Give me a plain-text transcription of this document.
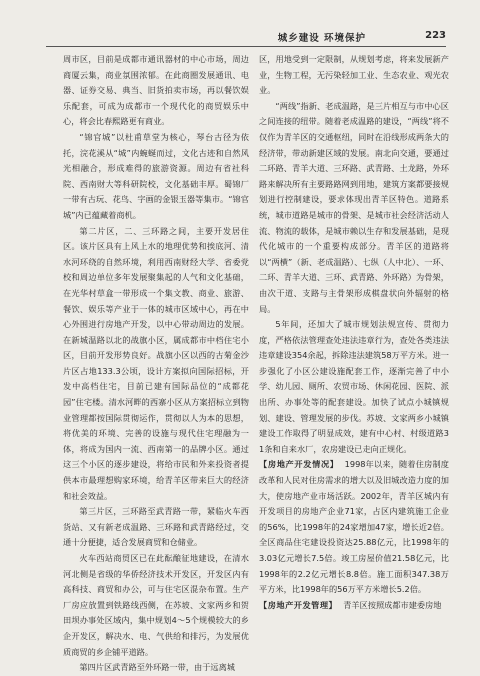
城乡建设 环境保护	223

周市区，目前是成都市通讯器材的中心市场，周边商厦云集，商业氛围浓郁。在此商圈发展通讯、电器、证券交易、典当、旧货拍卖市场，再以餐饮娱乐配套，可成为成都市一个现代化的商贸娱乐中心，将会比春熙路更有商业。

“锦官城”以杜甫草堂为核心，琴台古径为依托，浣花溪从“城”内蜿蜒而过，文化古迹和自然风光相融合，形成难得的旅游资源。周边有省社科院、西南财大等科研院校，文化基础丰厚。蜀锦厂一带有古玩、花鸟、字画的金银玉器等集市。“锦官城”内已蕴藏着商机。

第二片区，二、三环路之间，主要开发居住区。该片区具有上风上水的地理优势和挨底河、清水河环绕的自然环境，利用西南财经大学、省委党校和周边单位多年发展聚集起的人气和文化基础，在光华村草盒一带形成一个集文教、商业、旅游、餐饮、娱乐等产业于一体的城市区域中心，再在中心外围进行房地产开发，以中心带动周边的发展。在新城温路以北的战旗小区，属成都市中档住宅小区，目前开发形势良好。战旗小区以西的古菊金沙片区占地133.3公顷，设计方案拟向国际招标，开发中高档住宅，目前已建有国际品位的“成都花园”住宅楼。清水河畔的西寨小区从方案招标立到物业管理都按国际贯彻运作，贯彻以人为本的思想，将优美的环境、完善的设施与现代住宅理融为一体，将成为国内一流、西南第一的品牌小区。通过这三个小区的逐步建设，将给市民和外来投资者提供本市最理想购家环境，给青羊区带来巨大的经济和社会效益。

第三片区，三环路至武青路一带，紧临火车西货站、又有新老成温路、三环路和武青路经过，交通十分便捷，适合发展商贸和仓储业。

火车西站商贸区已在此酝酿征地建设，在清水河北侧是省级的华侨经济技术开发区，开发区内有高科技、商贸和办公，可与住宅区混杂布置。生产厂房应放置到铁路线西侧，在苏坡、文家两乡和贺田坝办事处区域内，集中规划4～5个规模较大的乡企开发区，解决水、电、气供给和排污，为发展优质商贸的乡企铺平道路。

第四片区武青路至外环路一带，由于远离城

区，用地受到一定限制，从规划考虑，将来发展新产业，生物工程，无污染轻加工业、生态农业、观光农业。

“两线”指新、老成温路，是三片相互与市中心区之间连接的纽带。随着老成温路的建设，“两线”将不仅作为青羊区的交通枢纽，同时在沿线形成两条大的经济带，带动新建区域的发展。南北向交通，要通过二环路、青羊大道、三环路、武青路、土龙路，外环路来解决所有主要路路网到用地，建筑方案都要接规划进行控制建设，要求体现出青羊区特色。道路系统，城市道路是城市的骨架、是城市社会经济活动人流、物流的载体，是城市赖以生存和发展基础，是现代化城市的一个重要构成部分。青羊区的道路将以“两横”（新、老成温路）、七纵（人中北）、一环、二环、青羊大道、三环、武青路、外环路）为骨架，由次干道、支路与主骨架形成棋盘状向外辐射的格局。

5年间，还加大了城市规划法规宣传、贯彻力度，严格依法管理查处违法违章行为，查处各类违法违章建设354余起，拆除违法建筑58万平方米。进一步强化了小区公建设施配套工作，逐渐完善了中小学、幼儿园、厕所、农贸市场、休闲花园、医院、派出所、办事处等的配套建设。加快了试点小城镇规划、建设、管理发展的步伐。苏坡、文家两乡小城镇建设工作取得了明显成效，建有中心村、村级道路31条和自来水厂，农房建设已走向正规化。

【房地产开发情况】 1998年以来，随着住房制度改革和人民对住房需求的增大以及旧城改造力度的加大，使房地产业市场活跃。2002年，青羊区城内有开发项目的房地产企业71家，占区内建筑施工企业的56%，比1998年的24家增加47家，增长近2倍。全区商品住宅建设投资达25.88亿元，比1998年的3.03亿元增长7.5倍。竣工房屋价值21.58亿元，比1998年的2.2亿元增长8.8倍。施工面积347.38万平方米，比1998年的56万平方米增长5.2倍。

【房地产开发管理】 青羊区按照成都市建委房地
